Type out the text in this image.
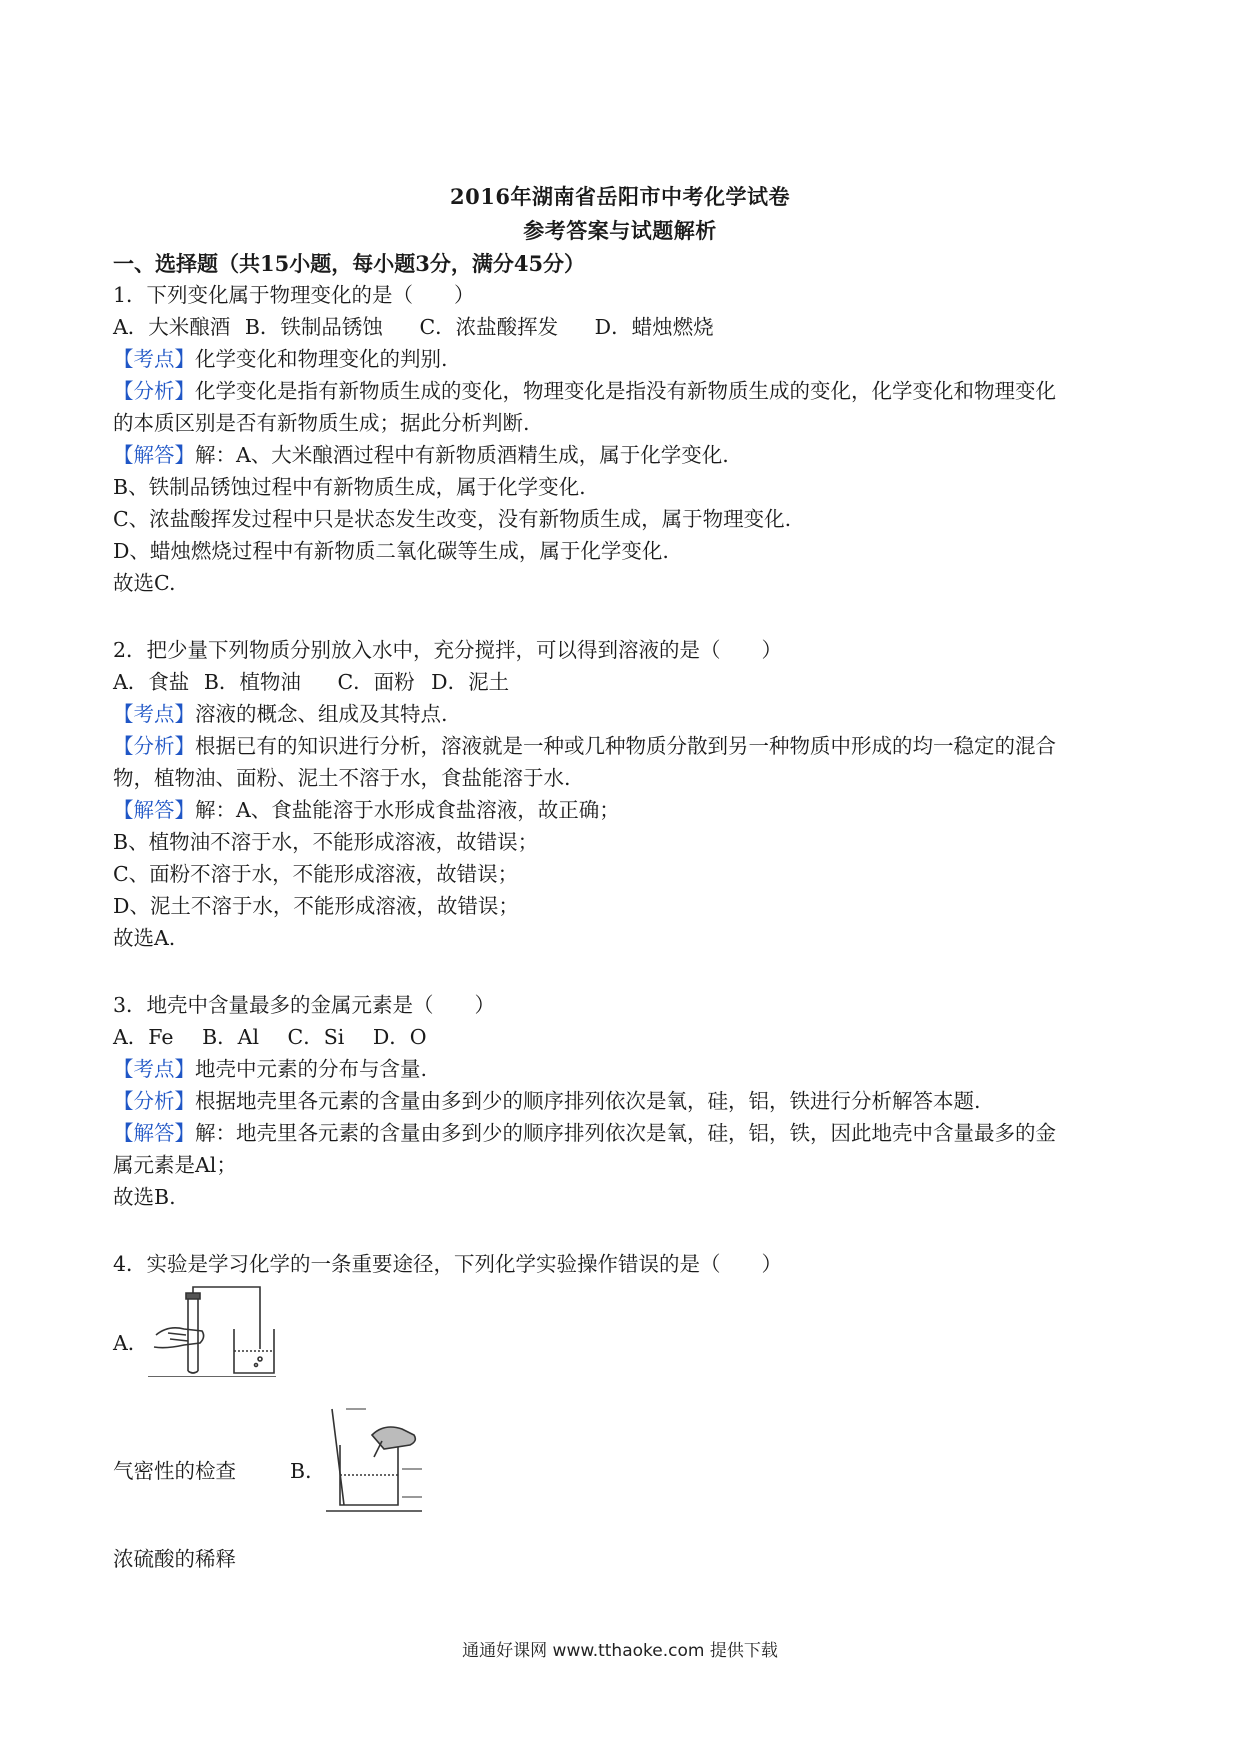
2016年湖南省岳阳市中考化学试卷
参考答案与试题解析
一、选择题（共15小题，每小题3分，满分45分）
1．下列变化属于物理变化的是（　　）
A．大米酿酒 B．铁制品锈蚀 C．浓盐酸挥发 D．蜡烛燃烧
【考点】化学变化和物理变化的判别.
【分析】化学变化是指有新物质生成的变化，物理变化是指没有新物质生成的变化，化学变化和物理变化
的本质区别是否有新物质生成；据此分析判断.
【解答】解：A、大米酿酒过程中有新物质酒精生成，属于化学变化.
B、铁制品锈蚀过程中有新物质生成，属于化学变化.
C、浓盐酸挥发过程中只是状态发生改变，没有新物质生成，属于物理变化.
D、蜡烛燃烧过程中有新物质二氧化碳等生成，属于化学变化.
故选C.
2．把少量下列物质分别放入水中，充分搅拌，可以得到溶液的是（　　）
A．食盐 B．植物油 C．面粉 D．泥土
【考点】溶液的概念、组成及其特点.
【分析】根据已有的知识进行分析，溶液就是一种或几种物质分散到另一种物质中形成的均一稳定的混合
物，植物油、面粉、泥土不溶于水，食盐能溶于水.
【解答】解：A、食盐能溶于水形成食盐溶液，故正确；
B、植物油不溶于水，不能形成溶液，故错误；
C、面粉不溶于水，不能形成溶液，故错误；
D、泥土不溶于水，不能形成溶液，故错误；
故选A.
3．地壳中含量最多的金属元素是（　　）
A．Fe B．Al C．Si D．O
【考点】地壳中元素的分布与含量.
【分析】根据地壳里各元素的含量由多到少的顺序排列依次是氧，硅，铝，铁进行分析解答本题.
【解答】解：地壳里各元素的含量由多到少的顺序排列依次是氧，硅，铝，铁，因此地壳中含量最多的金
属元素是Al；
故选B.
4．实验是学习化学的一条重要途径，下列化学实验操作错误的是（　　）
A．
气密性的检查	B．
浓硫酸的稀释
通通好课网 www.tthaoke.com 提供下载
